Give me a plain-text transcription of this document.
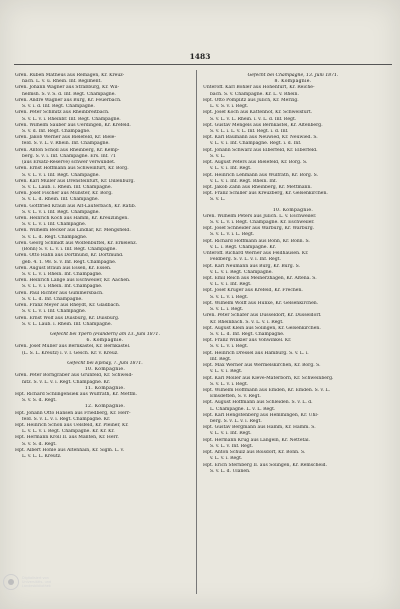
1483
Gren. Ruben Matheus aus Remagen, Kr. Kreuz-
nach. L. v. u. Rhein. Inf. Regiment.
Gren. Johann Wagner aus Straßburg, Kr. Wil-
helmsh. S. v. S. d. Inf. Regt. Champagne.
Gren. Andre Wagner aus Burg, Kr. Feuerbach.
S. v. i. d. Inf. Regt. Champagne.
Gren. Peter Schmitz aus Rheinbreitbach.
S. v. L. v. i. Rheinbr. Inf. Regt. Champagne.
Gren. Wilhelm Sauber aus Uerdingen, Kr. Krefeld.
S. v. d. Inf. Regt. Champagne.
Gren. Jakob Werner aus Bielefeld, Kr. Biele-
feld. S. v. L. v. Rhein. Inf. Champagne.
Gren. Anton Scholl aus Rheinberg, Kr. Kemp-
berg. S. v. i. Inf. Champagne. Ers. Inf. 71
(aus Ersatz-Reserve) schwer verwundet.
Gren. Ernst Hoffmann aus Schweinfurt, Kr. Borg.
S. v. L. v. i. Inf. Regt. Champagne.
Gren. Karl Müller aus Drensteinfurt, Kr. Dillenburg.
S. v. L. Laub. i. Rhein. Inf. Champagne.
Gren. Josef Fischer aus Münster, Kr. Borg.
S. v. L. d. Rhein. Inf. Champagne.
Gren. Gottfried Krauß aus Alt-Lauterbach, Kr. Ratib.
S. v. L. v. i. Inf. Regt. Champagne.
Gren. Heinrich Koch aus Hamm, Kr. Kreuzlingen.
S. v. L. v. i. Inf. Champagne.
Gren. Wilhelm Becker aus Lindlar, Kr. Mengsfield.
S. v. L. d. Regt. Champagne.
Gren. Georg Schmidt aus Wolfenbüttel, Kr. Erkelenz.
(Bonn) S. v. L. v. i. Inf. Regt. Champagne.
Gren. Otto Hahn aus Dortmund, Kr. Dortmund.
geb. 4. 1. 98. S. v. Inf. Regt. Champagne.
Gren. August Braun aus Essen, Kr. Essen.
S. v. L. v. i. Rhein. Inf. Champagne.
Gren. Heinrich Lange aus Eschweiler, Kr. Aachen.
S. v. L. v. i. Rhein. Inf. Champagne.
Gren. Paul Richter aus Gummersbach.
S. v. L. d. Inf. Champagne.
Gren. Franz Meyer aus Rheydt, Kr. Gladbach.
S. v. L. v. i. Inf. Champagne.
Gren. Ernst Wolf aus Duisburg, Kr. Duisburg.
S. v. L. Laub. i. Rhein. Inf. Champagne.
Gefecht bei Ypern (Flandern) am 13. Juni 1871.
6. Kompagnie.
Gren. Josef Müller aus Bernkastel, Kr. Bernkastel.
(L. S. L. Kreutz) i. v. l. Gesch. Kr. v. Kreuz.
Gefecht bei Epinay, 7. Juni 1871.
10. Kompagnie.
Gren. Peter Borngräber aus Grünfeld, Kr. Schweid-
nitz. S. v. L. v. i. Regt. Champagne. Kr.
11. Kompagnie.
Hpt. Richard Schlingensiek aus Wülfrath, Kr. Mettm.
S. v. S. d. Regt.
12. Kompagnie.
Hpt. Johann Otto Hansen aus Friedberg, Kr. Herr-
feld. S. v. L. v. i. Regt. Champagne. Kr.
Hpt. Heinrich Schön aus Uelsfeld, Kr. Pleiner, Kr.
L. v. L. v. i. Regt. Champagne. Kr. Kr. Kr.
Hpt. Hermann Kroll II. aus Manten, Kr. Herr.
S. v. S. d. Regt.
Hpt. Albert Höhle aus Altenhain, Kr. Sigm. L. v.
L. v. L. L. Kreutz.
Gefecht bei Champagne, 13. Juni 1871.
8. Kompagnie.
Unteroff. Karl Böhler aus Hohenfurt, Kr. Reiche-
bach. S. v. Champagne. Kr. L. v. Rhein.
Hpt. Otto Pomplitz aus Jülich, Kr. Merzig.
L. v. S. v. i. Regt.
Hpt. Josef Koch aus Kattenhof, Kr. Schwelsfurt.
S. v. L. v. L. Rhein. i. v. L. d. Inf. Regt.
Hpt. Gustav Mengels aus Bernkastel, Kr. Altenberg.
S. v. L. i. L. v. L. Inf. Regt. i. d. Inf.
Hpt. Karl Baumann aus Neuwied, Kr. Neuwied. S.
v. L. v. i. Inf. Champagne. Regt. i. d. Inf.
Hpt. Johann Schwarz aus Elberfeld, Kr. Elberfeld.
S. v. L.
Hpt. August Peters aus Bielefeld, Kr. Borg. S.
v. L. v. i. Inf. Regt.
Hpt. Heinrich Lehmann aus Wülfrath, Kr. Borg. S.
v. L. v. i. Inf. Regt. Rhein. Inf.
Hpt. Jakob Zahn aus Rheinberg, Kr. Mettmann.
Hpt. Franz Schiller aus Kreuzberg, Kr. Gelsenkirchen.
S. v. L.
10. Kompagnie.
Gren. Wilhelm Peters aus Jülich. L. v. Eschweiler.
S. v. L. v. i. Regt. Champagne. Kr. Eschweiler.
Hpt. Josef Schneider aus Warburg, Kr. Warburg.
S. v. L. v. i. L. Regt.
Hpt. Richard Hoffmann aus Bonn, Kr. Bonn. S.
v. L. i. Regt. Champagne. Kr.
Unteroff. Richard Werner aus Feldhausen. Kr.
Feldberg. S. v. L. v. i. Inf. Regt.
Hpt. Karl Neumann aus Burg, Kr. Burg. S.
v. L. v. i. Regt. Champagne.
Hpt. Emil Reich aus Meinerzhagen, Kr. Altena. S.
v. L. v. i. Inf. Regt.
Hpt. Josef Krüger aus Krefeld, Kr. Frechen.
S. v. L. v. i. Regt.
Hpt. Wilhelm Wolff aus Hünxe, Kr. Gelsenkirchen.
S. v. L. i. Regt.
Gren. Peter Schäfer aus Düsseldorf, Kr. Düsseldorf.
Kr. Rheinbach. S. v. L. v. i. Regt.
Hpt. August Klein aus Solingen, Kr. Gelsenkirchen.
S. v. L. d. Inf. Regt. Champagne.
Hpt. Franz Winkler aus Vohwinkel. Kr.
S. v. L. v. i. Regt.
Hpt. Heinrich Dressel aus Hamburg. S. v. L. i.
Inf. Regt.
Hpt. Max Werner aus Wermelskirchen, Kr. Borg. S.
v. L. v. i. Regt.
Hpt. Karl Möller aus Kleve-Materborn, Kr. Schweinberg.
S. v. L. v. i. Regt.
Hpt. Wilhelm Hoffmann aus Emden, Kr. Emden. S. v. L.
Emsdetten, S. v. Regt.
Hpt. August Hoffmann aus Schleiden. S. v. L. d.
L. Champagne. L. v. L. Regt.
Hpt. Karl Hengstenberg aus Hemmingen, Kr. Uhl-
berg. S. v. L. v. i. Regt.
Hpt. Gustav Bergmann aus Hamm, Kr. Hamm. S.
v. L. v. i. Inf. Regt.
Hpt. Hermann Krug aus Langeln, Kr. Nettetal.
S. v. L. v. Inf. Regt.
Hpt. Anton Schulz aus Roisdorf, Kr. Bonn. S.
v. L. v. i. Regt.
Hpt. Erich Sternberg II. aus Solingen, Kr. Remscheid.
S. v. L. d. Ulanen.
Digitalisiert von
Universitäts- und
Landesbibliothek
